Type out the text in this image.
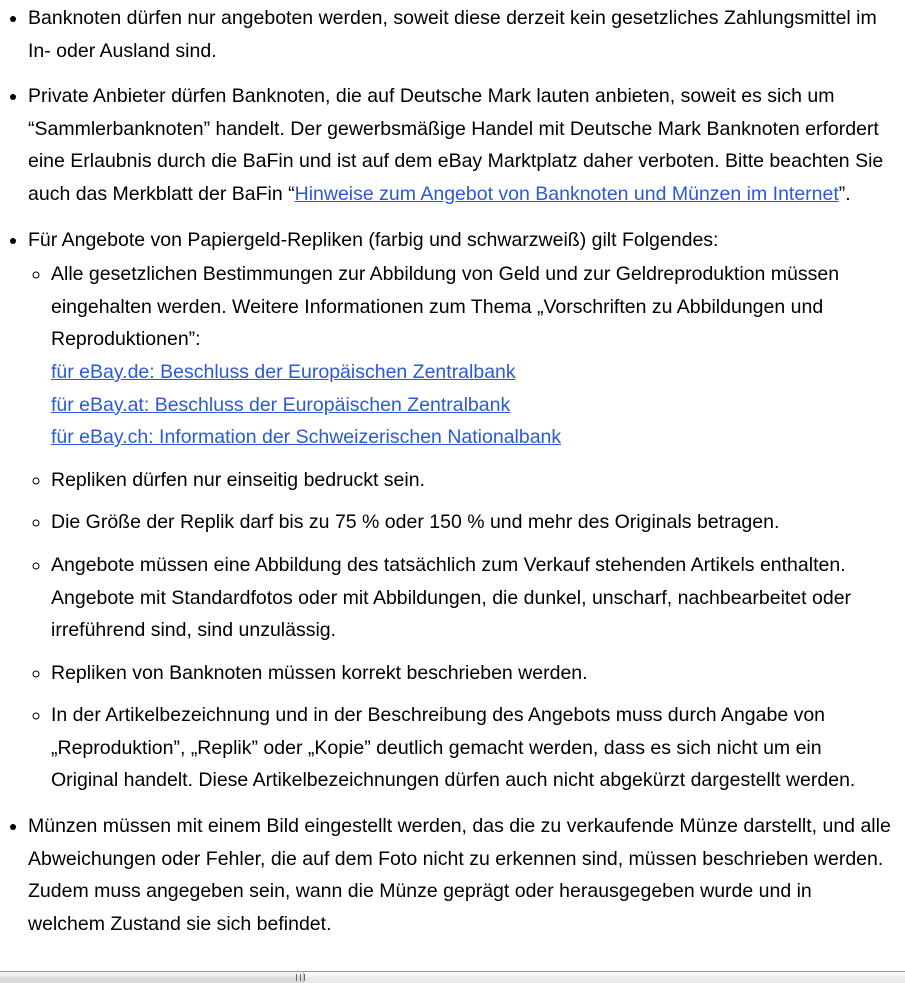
• Banknoten dürfen nur angeboten werden, soweit diese derzeit kein gesetzliches Zahlungsmittel im In- oder Ausland sind.

• Private Anbieter dürfen Banknoten, die auf Deutsche Mark lauten anbieten, soweit es sich um “Sammlerbanknoten” handelt. Der gewerbsmäßige Handel mit Deutsche Mark Banknoten erfordert eine Erlaubnis durch die BaFin und ist auf dem eBay Marktplatz daher verboten. Bitte beachten Sie auch das Merkblatt der BaFin “Hinweise zum Angebot von Banknoten und Münzen im Internet”.

• Für Angebote von Papiergeld-Repliken (farbig und schwarzweiß) gilt Folgendes:

◦ Alle gesetzlichen Bestimmungen zur Abbildung von Geld und zur Geldreproduktion müssen eingehalten werden. Weitere Informationen zum Thema „Vorschriften zu Abbildungen und Reproduktionen”:

für eBay.de: Beschluss der Europäischen Zentralbank
für eBay.at: Beschluss der Europäischen Zentralbank
für eBay.ch: Information der Schweizerischen Nationalbank

◦ Repliken dürfen nur einseitig bedruckt sein.

◦ Die Größe der Replik darf bis zu 75 % oder 150 % und mehr des Originals betragen.

◦ Angebote müssen eine Abbildung des tatsächlich zum Verkauf stehenden Artikels enthalten. Angebote mit Standardfotos oder mit Abbildungen, die dunkel, unscharf, nachbearbeitet oder irreführend sind, sind unzulässig.

◦ Repliken von Banknoten müssen korrekt beschrieben werden.

◦ In der Artikelbezeichnung und in der Beschreibung des Angebots muss durch Angabe von „Reproduktion”, „Replik” oder „Kopie” deutlich gemacht werden, dass es sich nicht um ein Original handelt. Diese Artikelbezeichnungen dürfen auch nicht abgekürzt dargestellt werden.

• Münzen müssen mit einem Bild eingestellt werden, das die zu verkaufende Münze darstellt, und alle Abweichungen oder Fehler, die auf dem Foto nicht zu erkennen sind, müssen beschrieben werden. Zudem muss angegeben sein, wann die Münze geprägt oder herausgegeben wurde und in welchem Zustand sie sich befindet.
